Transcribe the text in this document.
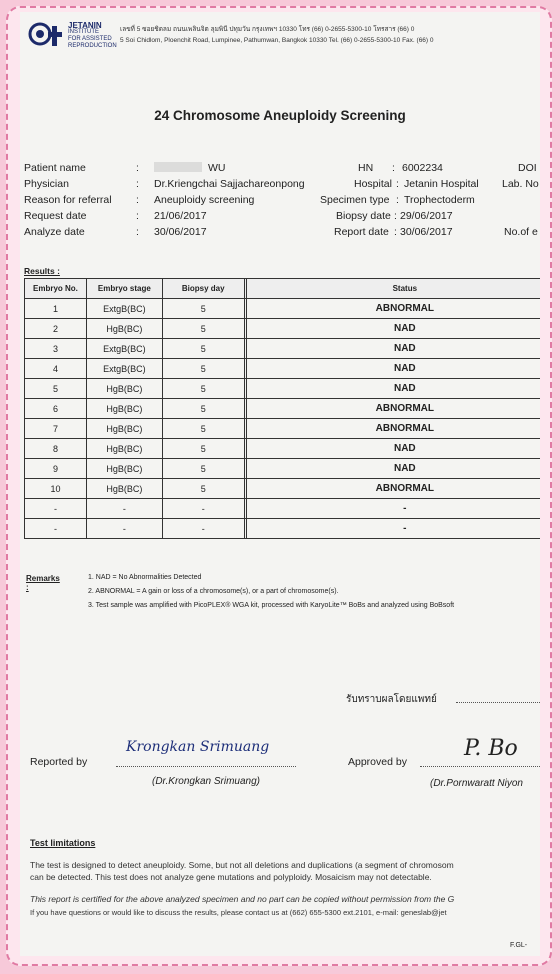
JETANIN
INSTITUTE FOR ASSISTED REPRODUCTION
เลขที่ 5 ซอยชิดลม ถนนเพลินจิต ลุมพินี ปทุมวัน กรุงเทพฯ 10330 โทร (66) 0-2655-5300-10 โทรสาร (66) 0
5 Soi Chidlom, Ploenchit Road, Lumpinee, Pathumwan, Bangkok 10330 Tel. (66) 0-2655-5300-10 Fax. (66) 0
24 Chromosome Aneuploidy Screening
Patient name	:	WU	HN : 6002234	DOI
Physician	: Dr.Kriengchai Sajjachareonpong	Hospital : Jetanin Hospital Lab. No
Reason for referral : Aneuploidy screening	Specimen type : Trophectoderm
Request date	: 21/06/2017	Biopsy date : 29/06/2017
Analyze date	: 30/06/2017	Report date : 30/06/2017	No.of e
Results :
Embryo No.	Embryo stage	Biopsy day		Status
1	ExtgB(BC)	5		ABNORMAL
2	HgB(BC)	5		NAD
3	ExtgB(BC)	5		NAD
4	ExtgB(BC)	5		NAD
5	HgB(BC)	5		NAD
6	HgB(BC)	5		ABNORMAL
7	HgB(BC)	5		ABNORMAL
8	HgB(BC)	5		NAD
9	HgB(BC)	5		NAD
10	HgB(BC)	5		ABNORMAL
-	-	-		-
-	-	-		-
Remarks :
1. NAD = No Abnormalities Detected
2. ABNORMAL = A gain or loss of a chromosome(s), or a part of chromosome(s).
3. Test sample was amplified with PicoPLEX® WGA kit, processed with KaryoLite™ BoBs and analyzed using BoBsoft
รับทราบผลโดยแพทย์
Reported by
Krongkan Srimuang
(Dr.Krongkan Srimuang)
Approved by
P. Bo
(Dr.Pornwaratt Niyon
Test limitations
The test is designed to detect aneuploidy. Some, but not all deletions and duplications (a segment of chromosom
can be detected. This test does not analyze gene mutations and polyploidy. Mosaicism may not detectable.
This report is certified for the above analyzed specimen and no part can be copied without permission from the G
If you have questions or would like to discuss the results, please contact us at (662) 655-5300 ext.2101, e-mail: geneslab@jet
F.GL-
